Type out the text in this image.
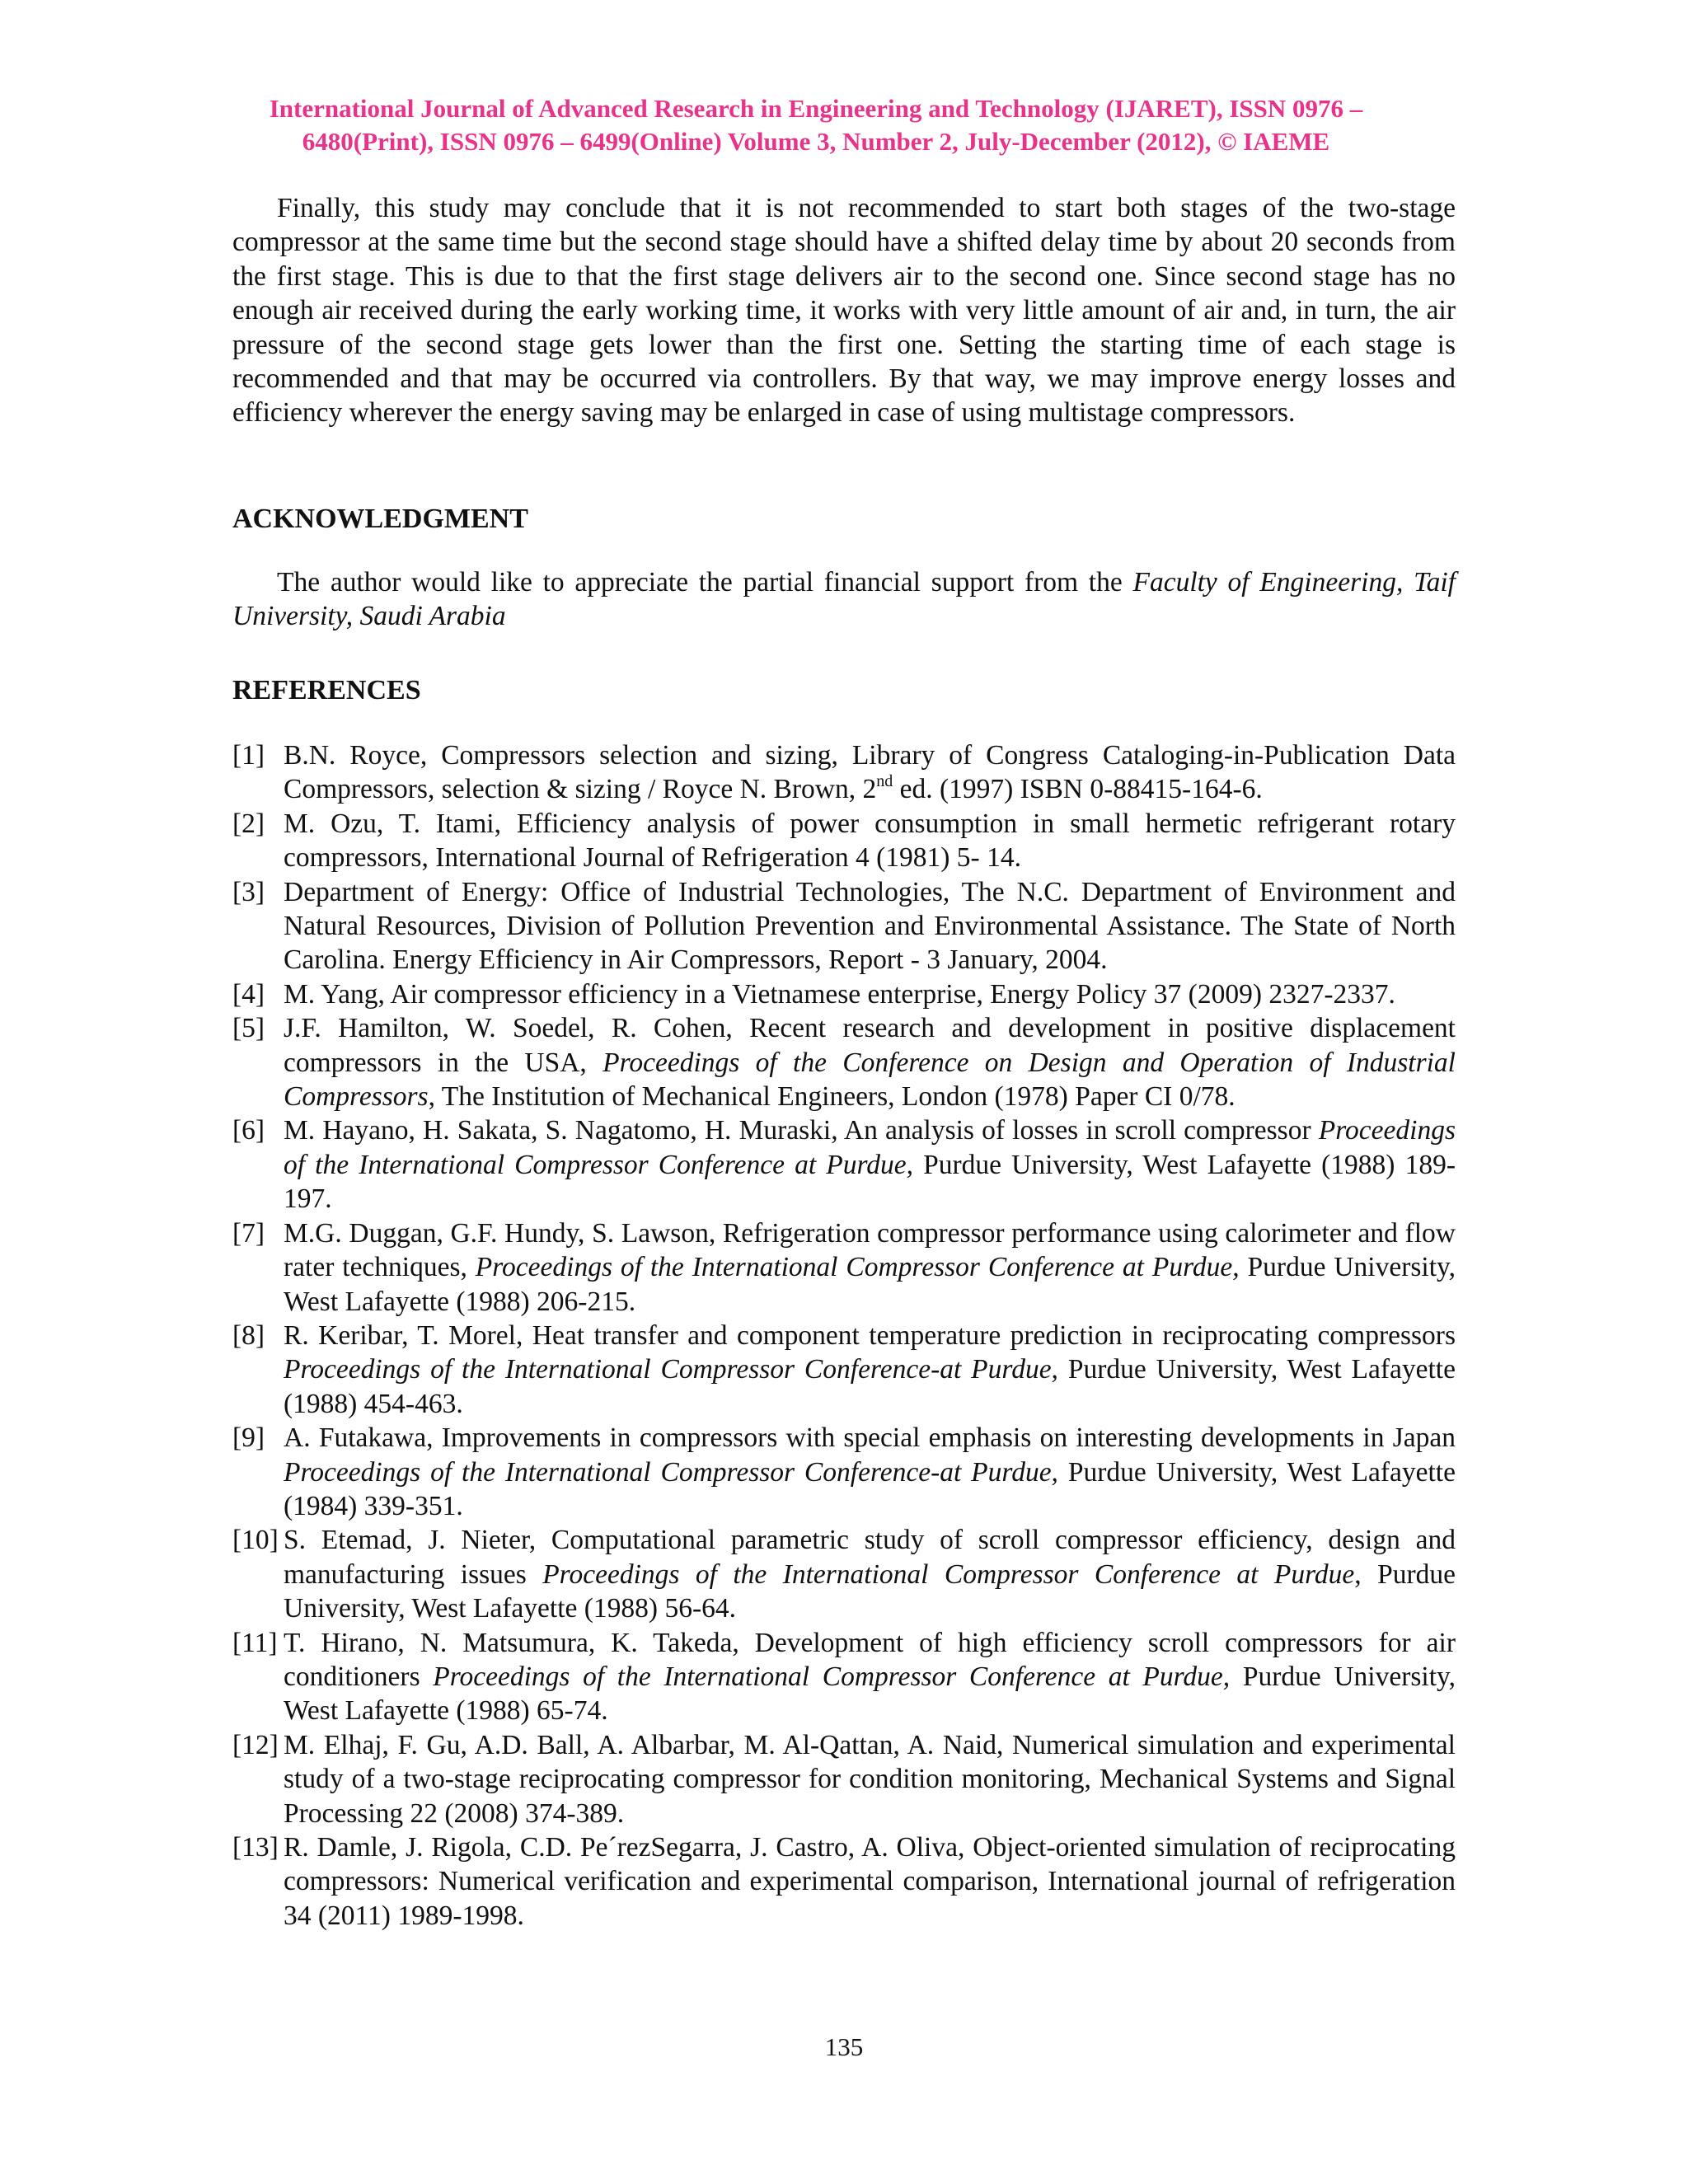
International Journal of Advanced Research in Engineering and Technology (IJARET), ISSN 0976 –
6480(Print), ISSN 0976 – 6499(Online) Volume 3, Number 2, July-December (2012), © IAEME

Finally, this study may conclude that it is not recommended to start both stages of the two-stage compressor at the same time but the second stage should have a shifted delay time by about 20 seconds from the first stage. This is due to that the first stage delivers air to the second one. Since second stage has no enough air received during the early working time, it works with very little amount of air and, in turn, the air pressure of the second stage gets lower than the first one. Setting the starting time of each stage is recommended and that may be occurred via controllers. By that way, we may improve energy losses and efficiency wherever the energy saving may be enlarged in case of using multistage compressors.

ACKNOWLEDGMENT

The author would like to appreciate the partial financial support from the Faculty of Engineering, Taif University, Saudi Arabia

REFERENCES
[1] B.N. Royce, Compressors selection and sizing, Library of Congress Cataloging-in-Publication Data Compressors, selection & sizing / Royce N. Brown, 2nd ed. (1997) ISBN 0-88415-164-6.
[2] M. Ozu, T. Itami, Efficiency analysis of power consumption in small hermetic refrigerant rotary compressors, International Journal of Refrigeration 4 (1981) 5- 14.
[3] Department of Energy: Office of Industrial Technologies, The N.C. Department of Environment and Natural Resources, Division of Pollution Prevention and Environmental Assistance. The State of North Carolina. Energy Efficiency in Air Compressors, Report - 3 January, 2004.
[4] M. Yang, Air compressor efficiency in a Vietnamese enterprise, Energy Policy 37 (2009) 2327-2337.
[5] J.F. Hamilton, W. Soedel, R. Cohen, Recent research and development in positive displacement compressors in the USA, Proceedings of the Conference on Design and Operation of Industrial Compressors, The Institution of Mechanical Engineers, London (1978) Paper CI 0/78.
[6] M. Hayano, H. Sakata, S. Nagatomo, H. Muraski, An analysis of losses in scroll compressor Proceedings of the International Compressor Conference at Purdue, Purdue University, West Lafayette (1988) 189-197.
[7] M.G. Duggan, G.F. Hundy, S. Lawson, Refrigeration compressor performance using calorimeter and flow rater techniques, Proceedings of the International Compressor Conference at Purdue, Purdue University, West Lafayette (1988) 206-215.
[8] R. Keribar, T. Morel, Heat transfer and component temperature prediction in reciprocating compressors Proceedings of the International Compressor Conference-at Purdue, Purdue University, West Lafayette (1988) 454-463.
[9] A. Futakawa, Improvements in compressors with special emphasis on interesting developments in Japan Proceedings of the International Compressor Conference-at Purdue, Purdue University, West Lafayette (1984) 339-351.
[10] S. Etemad, J. Nieter, Computational parametric study of scroll compressor efficiency, design and manufacturing issues Proceedings of the International Compressor Conference at Purdue, Purdue University, West Lafayette (1988) 56-64.
[11] T. Hirano, N. Matsumura, K. Takeda, Development of high efficiency scroll compressors for air conditioners Proceedings of the International Compressor Conference at Purdue, Purdue University, West Lafayette (1988) 65-74.
[12] M. Elhaj, F. Gu, A.D. Ball, A. Albarbar, M. Al-Qattan, A. Naid, Numerical simulation and experimental study of a two-stage reciprocating compressor for condition monitoring, Mechanical Systems and Signal Processing 22 (2008) 374-389.
[13] R. Damle, J. Rigola, C.D. Pe´rezSegarra, J. Castro, A. Oliva, Object-oriented simulation of reciprocating compressors: Numerical verification and experimental comparison, International journal of refrigeration 34 (2011) 1989-1998.
135
